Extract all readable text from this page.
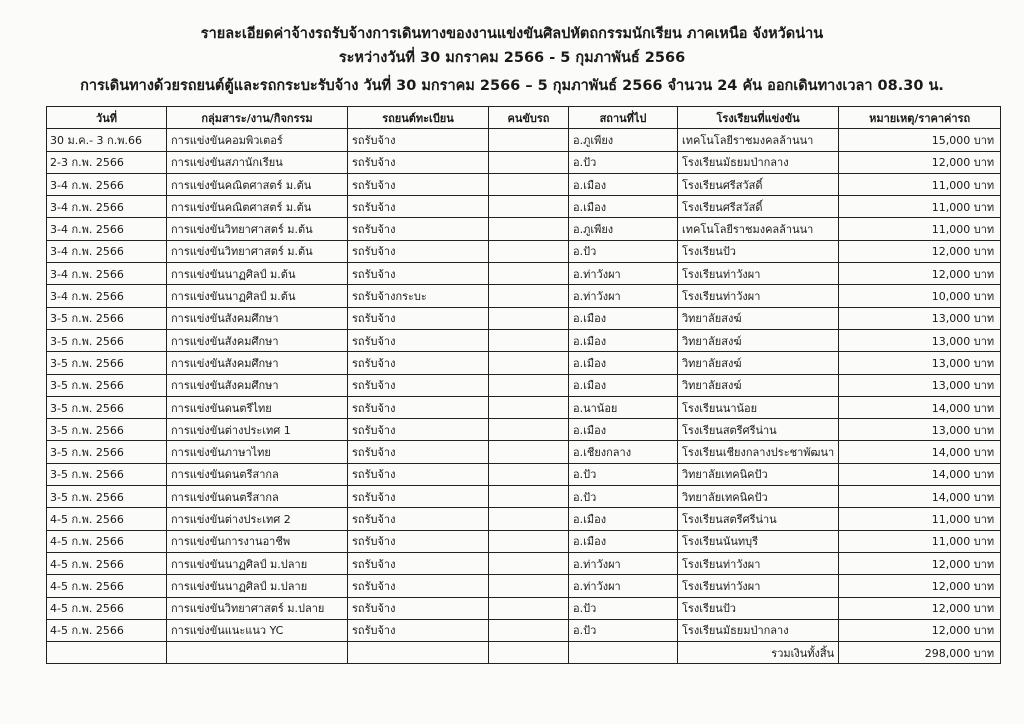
รายละเอียดค่าจ้างรถรับจ้างการเดินทางของงานแข่งขันศิลปหัตถกรรมนักเรียน ภาคเหนือ จังหวัดน่าน
ระหว่างวันที่ 30 มกราคม 2566 - 5 กุมภาพันธ์ 2566
การเดินทางด้วยรถยนต์ตู้และรถกระบะรับจ้าง วันที่ 30 มกราคม 2566 – 5 กุมภาพันธ์ 2566 จำนวน 24 คัน ออกเดินทางเวลา 08.30 น.
วันที่	กลุ่มสาระ/งาน/กิจกรรม	รถยนต์ทะเบียน	คนขับรถ	สถานที่ไป	โรงเรียนที่แข่งขัน	หมายเหตุ/ราคาค่ารถ
30 ม.ค.- 3 ก.พ.66	การแข่งขันคอมพิวเตอร์	รถรับจ้าง		อ.ภูเพียง	เทคโนโลยีราชมงคลล้านนา	15,000 บาท
2-3 ก.พ. 2566	การแข่งขันสภานักเรียน	รถรับจ้าง		อ.ปัว	โรงเรียนมัธยมป่ากลาง	12,000 บาท
3-4 ก.พ. 2566	การแข่งขันคณิตศาสตร์ ม.ต้น	รถรับจ้าง		อ.เมือง	โรงเรียนศรีสวัสดิ์	11,000 บาท
3-4 ก.พ. 2566	การแข่งขันคณิตศาสตร์ ม.ต้น	รถรับจ้าง		อ.เมือง	โรงเรียนศรีสวัสดิ์	11,000 บาท
3-4 ก.พ. 2566	การแข่งขันวิทยาศาสตร์ ม.ต้น	รถรับจ้าง		อ.ภูเพียง	เทคโนโลยีราชมงคลล้านนา	11,000 บาท
3-4 ก.พ. 2566	การแข่งขันวิทยาศาสตร์ ม.ต้น	รถรับจ้าง		อ.ปัว	โรงเรียนปัว	12,000 บาท
3-4 ก.พ. 2566	การแข่งขันนาฏศิลป์ ม.ต้น	รถรับจ้าง		อ.ท่าวังผา	โรงเรียนท่าวังผา	12,000 บาท
3-4 ก.พ. 2566	การแข่งขันนาฏศิลป์ ม.ต้น	รถรับจ้างกระบะ		อ.ท่าวังผา	โรงเรียนท่าวังผา	10,000 บาท
3-5 ก.พ. 2566	การแข่งขันสังคมศึกษา	รถรับจ้าง		อ.เมือง	วิทยาลัยสงฆ์	13,000 บาท
3-5 ก.พ. 2566	การแข่งขันสังคมศึกษา	รถรับจ้าง		อ.เมือง	วิทยาลัยสงฆ์	13,000 บาท
3-5 ก.พ. 2566	การแข่งขันสังคมศึกษา	รถรับจ้าง		อ.เมือง	วิทยาลัยสงฆ์	13,000 บาท
3-5 ก.พ. 2566	การแข่งขันสังคมศึกษา	รถรับจ้าง		อ.เมือง	วิทยาลัยสงฆ์	13,000 บาท
3-5 ก.พ. 2566	การแข่งขันดนตรีไทย	รถรับจ้าง		อ.นาน้อย	โรงเรียนนาน้อย	14,000 บาท
3-5 ก.พ. 2566	การแข่งขันต่างประเทศ 1	รถรับจ้าง		อ.เมือง	โรงเรียนสตรีศรีน่าน	13,000 บาท
3-5 ก.พ. 2566	การแข่งขันภาษาไทย	รถรับจ้าง		อ.เชียงกลาง	โรงเรียนเชียงกลางประชาพัฒนา	14,000 บาท
3-5 ก.พ. 2566	การแข่งขันดนตรีสากล	รถรับจ้าง		อ.ปัว	วิทยาลัยเทคนิคปัว	14,000 บาท
3-5 ก.พ. 2566	การแข่งขันดนตรีสากล	รถรับจ้าง		อ.ปัว	วิทยาลัยเทคนิคปัว	14,000 บาท
4-5 ก.พ. 2566	การแข่งขันต่างประเทศ 2	รถรับจ้าง		อ.เมือง	โรงเรียนสตรีศรีน่าน	11,000 บาท
4-5 ก.พ. 2566	การแข่งขันการงานอาชีพ	รถรับจ้าง		อ.เมือง	โรงเรียนนันทบุรี	11,000 บาท
4-5 ก.พ. 2566	การแข่งขันนาฏศิลป์ ม.ปลาย	รถรับจ้าง		อ.ท่าวังผา	โรงเรียนท่าวังผา	12,000 บาท
4-5 ก.พ. 2566	การแข่งขันนาฏศิลป์ ม.ปลาย	รถรับจ้าง		อ.ท่าวังผา	โรงเรียนท่าวังผา	12,000 บาท
4-5 ก.พ. 2566	การแข่งขันวิทยาศาสตร์ ม.ปลาย	รถรับจ้าง		อ.ปัว	โรงเรียนปัว	12,000 บาท
4-5 ก.พ. 2566	การแข่งขันแนะแนว YC	รถรับจ้าง		อ.ปัว	โรงเรียนมัธยมป่ากลาง	12,000 บาท
					รวมเงินทั้งสิ้น	298,000 บาท
